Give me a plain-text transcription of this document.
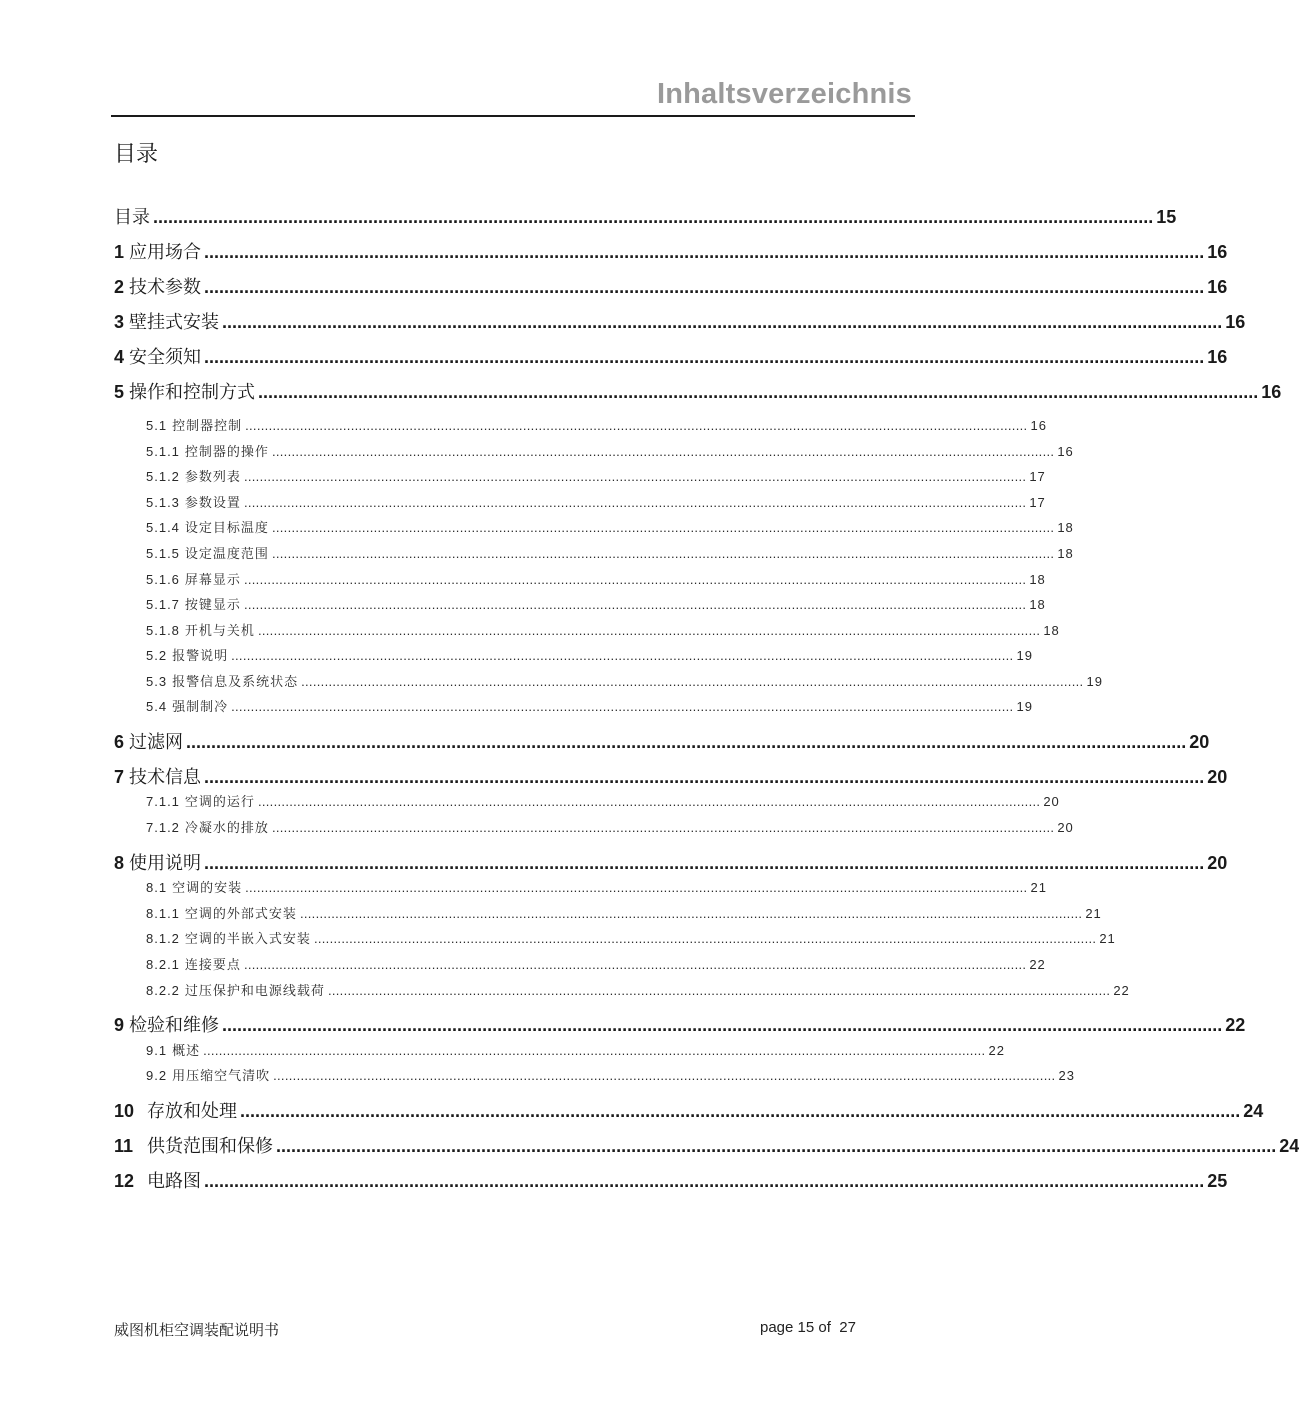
Inhaltsverzeichnis
目录
目录 ........................................................................................................................................................................................................ 15
1 应用场合 ........................................................................................................................................................................................................ 16
2 技术参数 ........................................................................................................................................................................................................ 16
3 壁挂式安装 ........................................................................................................................................................................................................ 16
4 安全须知 ........................................................................................................................................................................................................ 16
5 操作和控制方式 ........................................................................................................................................................................................................ 16
5.1 控制器控制 ........................................................................................................................................................................................................ 16
5.1.1 控制器的操作 ........................................................................................................................................................................................................ 16
5.1.2 参数列表 ........................................................................................................................................................................................................ 17
5.1.3 参数设置 ........................................................................................................................................................................................................ 17
5.1.4 设定目标温度 ........................................................................................................................................................................................................ 18
5.1.5 设定温度范围 ........................................................................................................................................................................................................ 18
5.1.6 屏幕显示 ........................................................................................................................................................................................................ 18
5.1.7 按键显示 ........................................................................................................................................................................................................ 18
5.1.8 开机与关机 ........................................................................................................................................................................................................ 18
5.2 报警说明 ........................................................................................................................................................................................................ 19
5.3 报警信息及系统状态 ........................................................................................................................................................................................................ 19
5.4 强制制冷 ........................................................................................................................................................................................................ 19
6 过滤网 ........................................................................................................................................................................................................ 20
7 技术信息 ........................................................................................................................................................................................................ 20
7.1.1 空调的运行 ........................................................................................................................................................................................................ 20
7.1.2 冷凝水的排放 ........................................................................................................................................................................................................ 20
8 使用说明 ........................................................................................................................................................................................................ 20
8.1 空调的安装 ........................................................................................................................................................................................................ 21
8.1.1 空调的外部式安装 ........................................................................................................................................................................................................ 21
8.1.2 空调的半嵌入式安装 ........................................................................................................................................................................................................ 21
8.2.1 连接要点 ........................................................................................................................................................................................................ 22
8.2.2 过压保护和电源线载荷 ........................................................................................................................................................................................................ 22
9 检验和维修 ........................................................................................................................................................................................................ 22
9.1 概述 ........................................................................................................................................................................................................ 22
9.2 用压缩空气清吹 ........................................................................................................................................................................................................ 23
10 存放和处理 ........................................................................................................................................................................................................ 24
11 供货范围和保修 ........................................................................................................................................................................................................ 24
12 电路图 ........................................................................................................................................................................................................ 25
威图机柜空调装配说明书	page 15 of  27
